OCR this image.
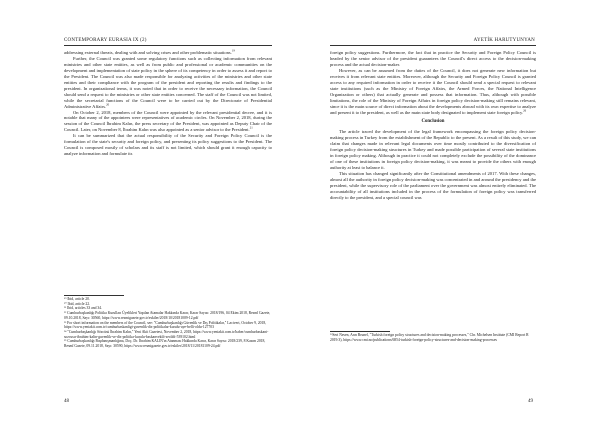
CONTEMPORARY EURASIA IX (2)

addressing external threats, dealing with and solving crises and other problematic situations.$^{19}$

Further, the Council was granted some regulatory functions such as collecting information from relevant ministries and other state entities, as well as from public and professional or academic communities on the development and implementation of state policy in the sphere of its competency in order to assess it and report to the President. The Council was also made responsible for analyzing activities of the ministries and other state entities and their compliance with the program of the president and reporting the results and findings to the president. In organizational terms, it was noted that in order to receive the necessary information, the Council should send a request to the ministries or other state entities concerned. The staff of the Council was not limited, while the secretarial functions of the Council were to be carried out by the Directorate of Presidential Administrative Affairs.$^{20}$

On October 2, 2018, members of the Council were appointed by the relevant presidential decree, and it is notable that many of the appointees were representatives of academic circles. On November 2, 2018, during the session of the Council İbrahim Kalın, the press secretary of the President, was appointed as Deputy Chair of the Council. Later, on November 8, İbrahim Kalın was also appointed as a senior advisor to the President.$^{21}$

It can be summarized that the actual responsibility of the Security and Foreign Policy Council is the formulation of the state's security and foreign policy, and presenting its policy suggestions to the President. The Council is composed mostly of scholars and its staff is not limited, which should grant it enough capacity to analyze information and formulate its

¹⁹ Ibid, article 20.
²⁰ Ibid, article 22.
²¹ Ibid, articles 33 and 34.
²² Cumhurbaşkanlığı Politika Kurulları Üyelikleri Yapılan Atamalar Hakkında Karar, Karar Sayısı: 2018/196, 04 Ekim 2018, Resmî Gazete, 09.10.2018, Sayı: 30560, https://www.resmigazete.gov.tr/eskiler/2018/10/20181009-12.pdf
²³ For short information on the members of the Council, see: "Cumhurbaşkanlığı Güvenlik ve Dış Politikalar," Lacivert, October 9, 2018, https://www.yeniakit.com.tr/cumhurbaskanligi-guvenlik-dis-politikalar-kurulu-uye-belli-oldu-127703
²⁴ "Cumhurbaşkanlığı Sözcüsü İbrahim Kalın," Yeni Akit Gazetesi, November 2, 2018, https://www.yeniakit.com.tr/haber/cumhurbaskani-sozcusu-ibrahim-kalin-guvenlik-ve-dis-politika-kurulu-baskanvekili-secildi-539102.html
²⁵ Cumhurbaşkanlığı Başdanışmanlığına, Doç. Dr. İbrahim KALIN'ın Atanması Hakkında Karar, Karar Sayısı: 2018/239, 8 Kasım 2018, Resmî Gazete, 09.11.2018, Sayı: 30590, https://www.resmigazete.gov.tr/eskiler/2018/11/20181109-24.pdf
48
AYETİK HARUTYUNYAN

foreign policy suggestions. Furthermore, the fact that in practice the Security and Foreign Policy Council is headed by the senior advisor of the president guarantees the Council's direct access to the decision-making process and the actual decision-maker.

However, as can be assumed from the duties of the Council, it does not generate new information but receives it from relevant state entities. Moreover, although the Security and Foreign Policy Council is granted access to any required information in order to receive it the Council should send a special request to relevant state institutions (such as the Ministry of Foreign Affairs, the Armed Forces, the National Intelligence Organization or others) that actually generate and possess that information. Thus, although with possible limitations, the role of the Ministry of Foreign Affairs in foreign policy decision-making still remains relevant, since it is the main source of direct information about the developments abroad with its own expertise to analyze and present it to the president, as well as the main state body designated to implement state foreign policy.$^{26}$

Conclusion

The article traced the development of the legal framework encompassing the foreign policy decision-making process in Turkey from the establishment of the Republic to the present. As a result of this study, we can claim that changes made in relevant legal documents over time mostly contributed to the diversification of foreign policy decision-making structures in Turkey and made possible participation of several state institutions in foreign policy making. Although in practice it could not completely exclude the possibility of the dominance of one of these institutions in foreign policy decision-making, it was meant to provide the others with enough authority at least to balance it.

This situation has changed significantly after the Constitutional amendments of 2017. With these changes, almost all the authority in foreign policy decision-making was concentrated in and around the presidency and the president, while the supervisory role of the parliament over the government was almost entirely eliminated. The accountability of all institutions included in the process of the formulation of foreign policy was transferred directly to the president, and a special council was

²⁶Seri Nesen, Arın Brunel, "Turkish foreign policy structures and decision-making processes," Chr. Michelsen Institute (CMI Report R 2019:3), https://www.cmi.no/publications/6854-turkish-foreign-policy-structures-and-decision-making-processes
49
